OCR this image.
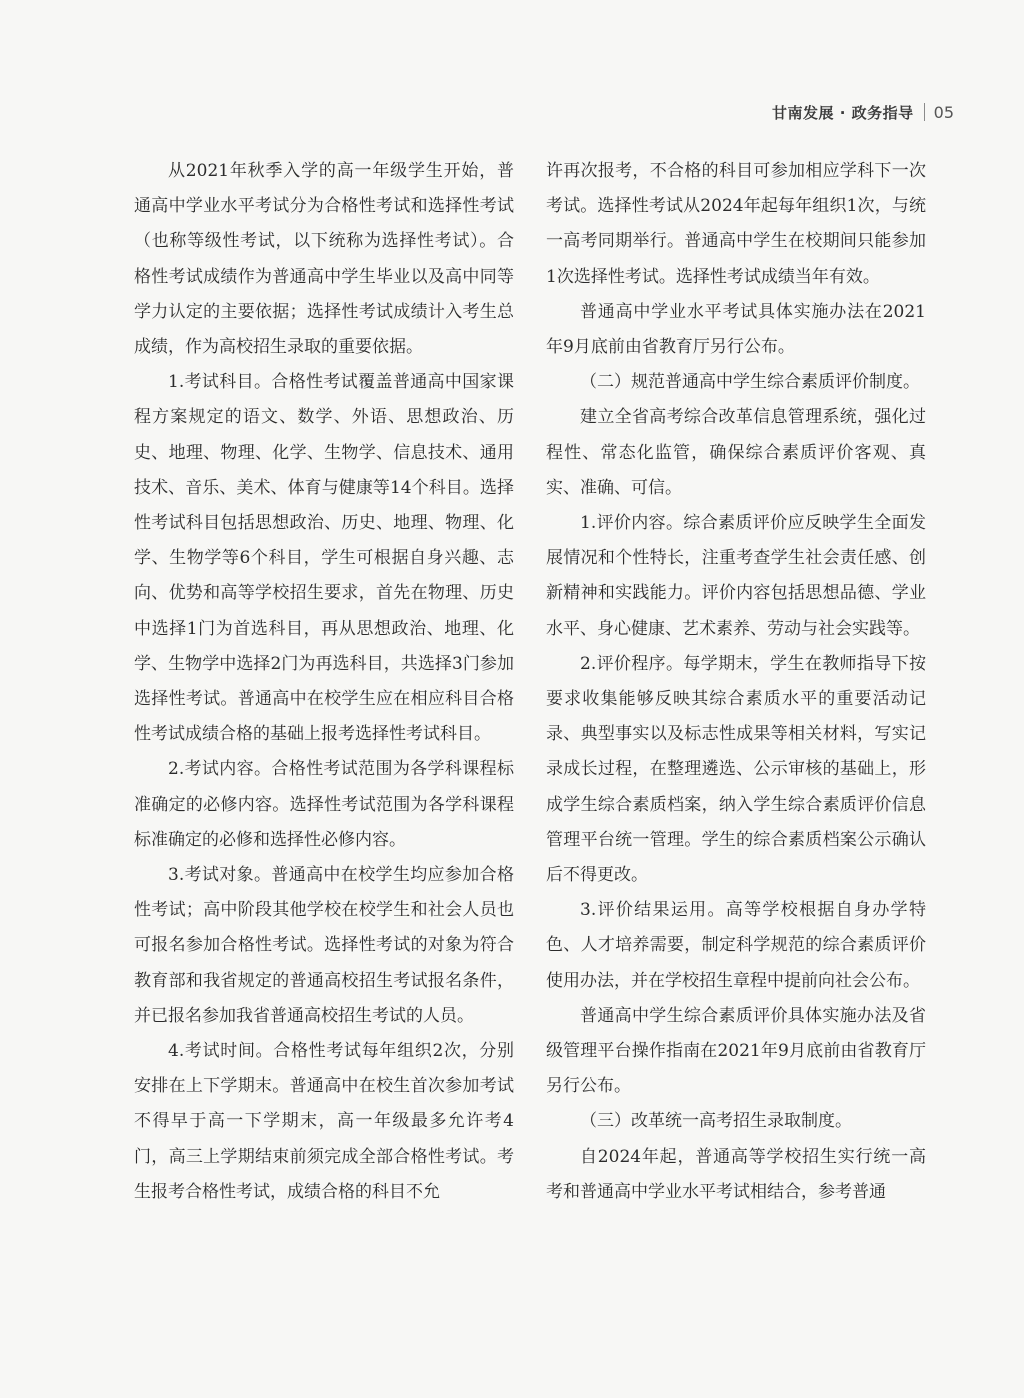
甘南发展 · 政务指导 05

从2021年秋季入学的高一年级学生开始，普通高中学业水平考试分为合格性考试和选择性考试（也称等级性考试，以下统称为选择性考试）。合格性考试成绩作为普通高中学生毕业以及高中同等学力认定的主要依据；选择性考试成绩计入考生总成绩，作为高校招生录取的重要依据。

1.考试科目。合格性考试覆盖普通高中国家课程方案规定的语文、数学、外语、思想政治、历史、地理、物理、化学、生物学、信息技术、通用技术、音乐、美术、体育与健康等14个科目。选择性考试科目包括思想政治、历史、地理、物理、化学、生物学等6个科目，学生可根据自身兴趣、志向、优势和高等学校招生要求，首先在物理、历史中选择1门为首选科目，再从思想政治、地理、化学、生物学中选择2门为再选科目，共选择3门参加选择性考试。普通高中在校学生应在相应科目合格性考试成绩合格的基础上报考选择性考试科目。

2.考试内容。合格性考试范围为各学科课程标准确定的必修内容。选择性考试范围为各学科课程标准确定的必修和选择性必修内容。

3.考试对象。普通高中在校学生均应参加合格性考试；高中阶段其他学校在校学生和社会人员也可报名参加合格性考试。选择性考试的对象为符合教育部和我省规定的普通高校招生考试报名条件，并已报名参加我省普通高校招生考试的人员。

4.考试时间。合格性考试每年组织2次，分别安排在上下学期末。普通高中在校生首次参加考试不得早于高一下学期末，高一年级最多允许考4门，高三上学期结束前须完成全部合格性考试。考生报考合格性考试，成绩合格的科目不允

许再次报考，不合格的科目可参加相应学科下一次考试。选择性考试从2024年起每年组织1次，与统一高考同期举行。普通高中学生在校期间只能参加1次选择性考试。选择性考试成绩当年有效。

普通高中学业水平考试具体实施办法在2021年9月底前由省教育厅另行公布。

（二）规范普通高中学生综合素质评价制度。

建立全省高考综合改革信息管理系统，强化过程性、常态化监管，确保综合素质评价客观、真实、准确、可信。

1.评价内容。综合素质评价应反映学生全面发展情况和个性特长，注重考查学生社会责任感、创新精神和实践能力。评价内容包括思想品德、学业水平、身心健康、艺术素养、劳动与社会实践等。

2.评价程序。每学期末，学生在教师指导下按要求收集能够反映其综合素质水平的重要活动记录、典型事实以及标志性成果等相关材料，写实记录成长过程，在整理遴选、公示审核的基础上，形成学生综合素质档案，纳入学生综合素质评价信息管理平台统一管理。学生的综合素质档案公示确认后不得更改。

3.评价结果运用。高等学校根据自身办学特色、人才培养需要，制定科学规范的综合素质评价使用办法，并在学校招生章程中提前向社会公布。

普通高中学生综合素质评价具体实施办法及省级管理平台操作指南在2021年9月底前由省教育厅另行公布。

（三）改革统一高考招生录取制度。

自2024年起，普通高等学校招生实行统一高考和普通高中学业水平考试相结合，参考普通
